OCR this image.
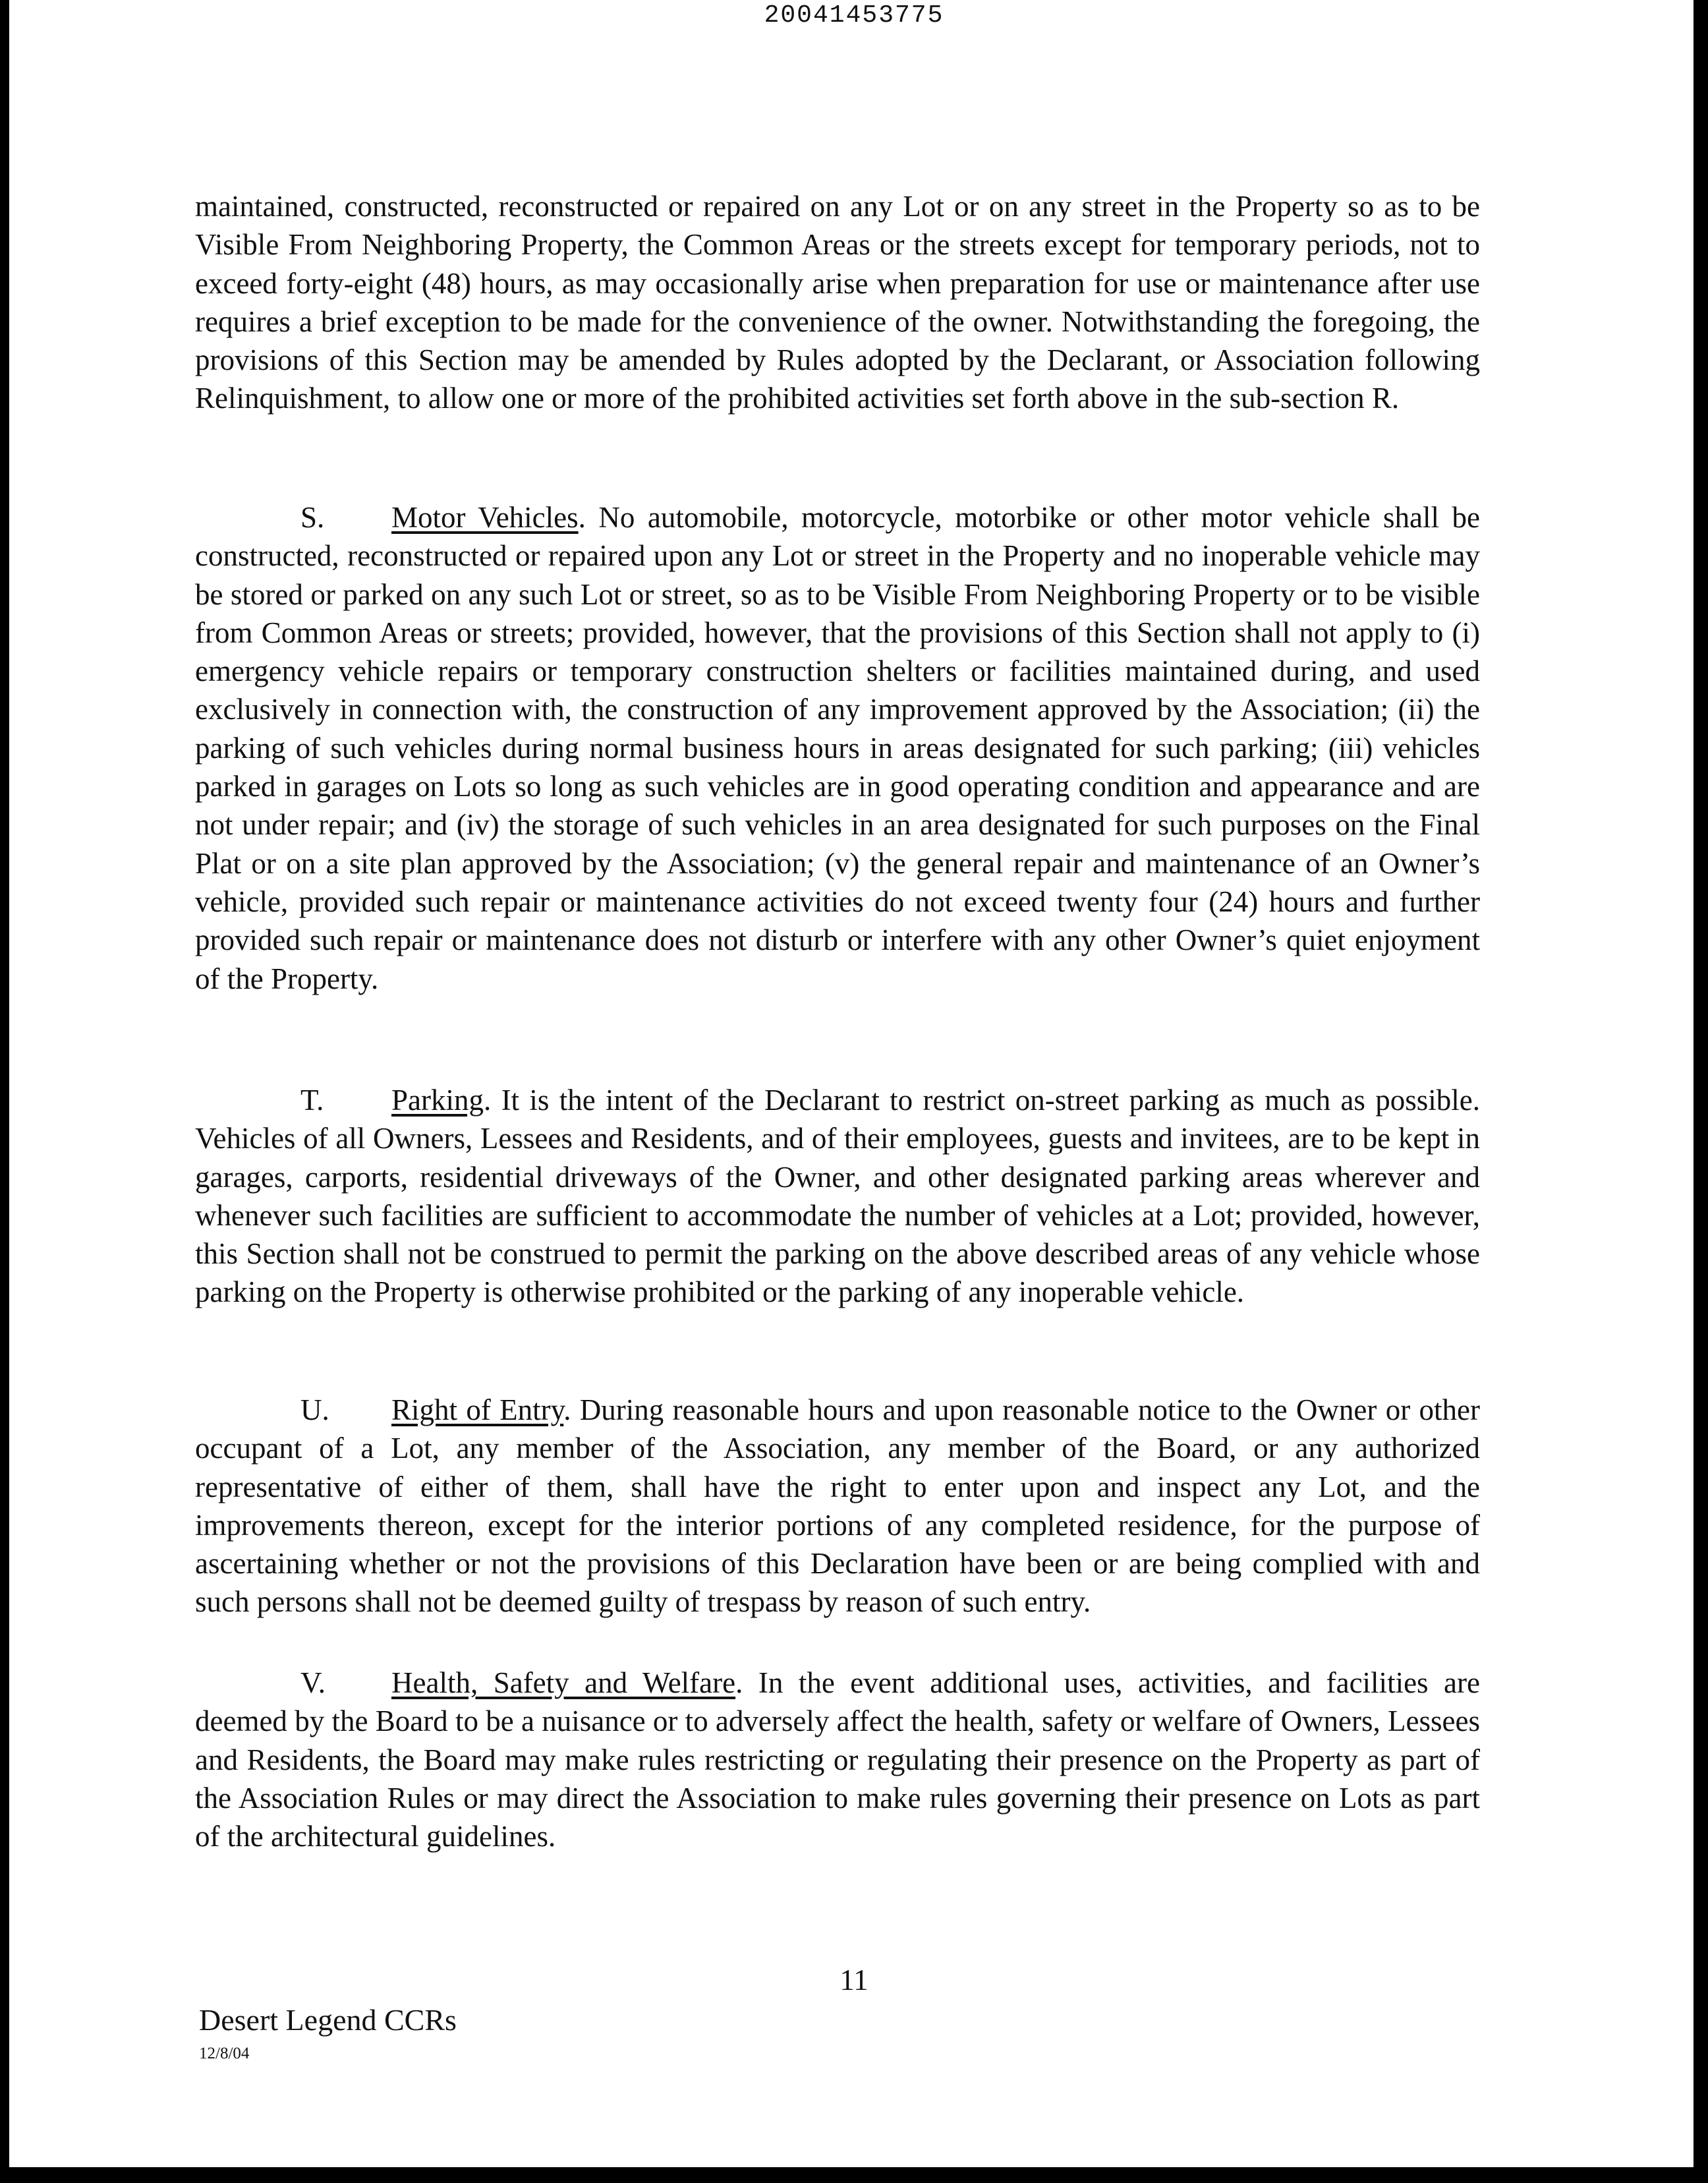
20041453775

maintained, constructed, reconstructed or repaired on any Lot or on any street in the Property so as to be Visible From Neighboring Property, the Common Areas or the streets except for temporary periods, not to exceed forty-eight (48) hours, as may occasionally arise when preparation for use or maintenance after use requires a brief exception to be made for the convenience of the owner. Notwithstanding the foregoing, the provisions of this Section may be amended by Rules adopted by the Declarant, or Association following Relinquishment, to allow one or more of the prohibited activities set forth above in the sub-section R.

S. Motor Vehicles. No automobile, motorcycle, motorbike or other motor vehicle shall be constructed, reconstructed or repaired upon any Lot or street in the Property and no inoperable vehicle may be stored or parked on any such Lot or street, so as to be Visible From Neighboring Property or to be visible from Common Areas or streets; provided, however, that the provisions of this Section shall not apply to (i) emergency vehicle repairs or temporary construction shelters or facilities maintained during, and used exclusively in connection with, the construction of any improvement approved by the Association; (ii) the parking of such vehicles during normal business hours in areas designated for such parking; (iii) vehicles parked in garages on Lots so long as such vehicles are in good operating condition and appearance and are not under repair; and (iv) the storage of such vehicles in an area designated for such purposes on the Final Plat or on a site plan approved by the Association; (v) the general repair and maintenance of an Owner’s vehicle, provided such repair or maintenance activities do not exceed twenty four (24) hours and further provided such repair or maintenance does not disturb or interfere with any other Owner’s quiet enjoyment of the Property.

T. Parking. It is the intent of the Declarant to restrict on-street parking as much as possible. Vehicles of all Owners, Lessees and Residents, and of their employees, guests and invitees, are to be kept in garages, carports, residential driveways of the Owner, and other designated parking areas wherever and whenever such facilities are sufficient to accommodate the number of vehicles at a Lot; provided, however, this Section shall not be construed to permit the parking on the above described areas of any vehicle whose parking on the Property is otherwise prohibited or the parking of any inoperable vehicle.

U. Right of Entry. During reasonable hours and upon reasonable notice to the Owner or other occupant of a Lot, any member of the Association, any member of the Board, or any authorized representative of either of them, shall have the right to enter upon and inspect any Lot, and the improvements thereon, except for the interior portions of any completed residence, for the purpose of ascertaining whether or not the provisions of this Declaration have been or are being complied with and such persons shall not be deemed guilty of trespass by reason of such entry.

V. Health, Safety and Welfare. In the event additional uses, activities, and facilities are deemed by the Board to be a nuisance or to adversely affect the health, safety or welfare of Owners, Lessees and Residents, the Board may make rules restricting or regulating their presence on the Property as part of the Association Rules or may direct the Association to make rules governing their presence on Lots as part of the architectural guidelines.

11
Desert Legend CCRs
12/8/04
